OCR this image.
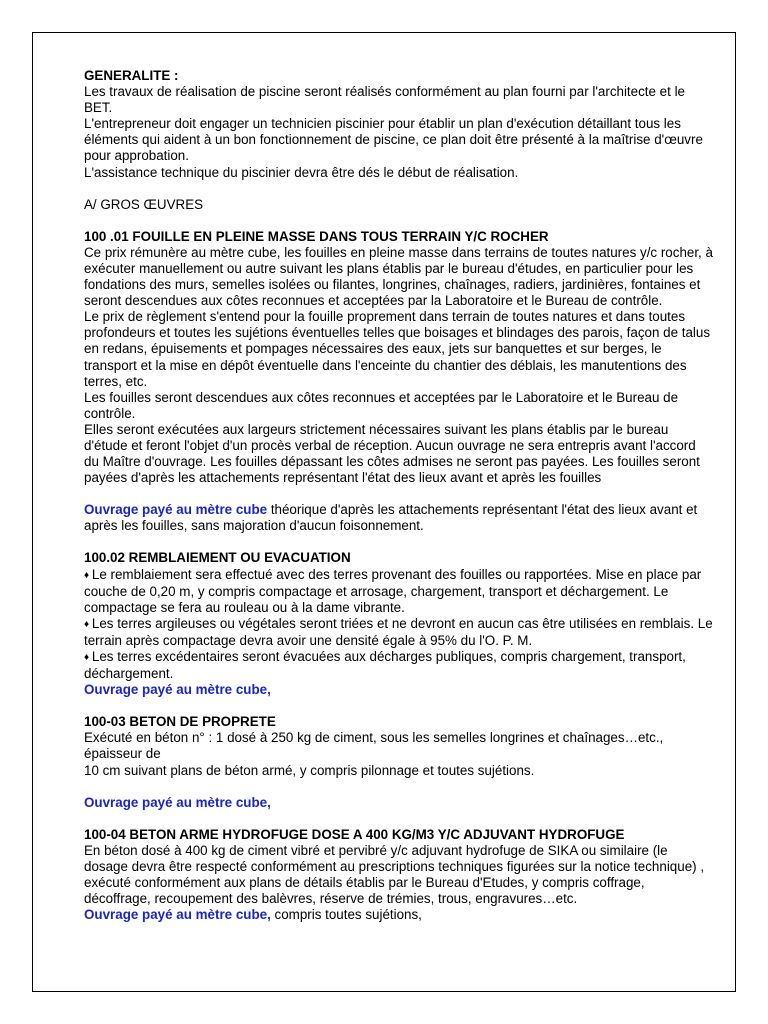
GENERALITE :

Les travaux de réalisation de piscine seront réalisés conformément au plan fourni par l'architecte et le BET.

L'entrepreneur doit engager un technicien piscinier pour établir un plan d'exécution détaillant tous les éléments qui aident à un bon fonctionnement de piscine, ce plan doit être présenté à la maîtrise d'œuvre pour approbation.

L'assistance technique du piscinier devra être dés le début de réalisation.

A/ GROS ŒUVRES

100 .01 FOUILLE EN PLEINE MASSE DANS TOUS TERRAIN Y/C ROCHER

Ce prix rémunère au mètre cube, les fouilles en pleine masse dans terrains de toutes natures y/c rocher, à exécuter manuellement ou autre suivant les plans établis par le bureau d'études, en particulier pour les fondations des murs, semelles isolées ou filantes, longrines, chaînages, radiers, jardinières, fontaines et seront descendues aux côtes reconnues et acceptées par la Laboratoire et le Bureau de contrôle.

Le prix de règlement s'entend pour la fouille proprement dans terrain de toutes natures et dans toutes profondeurs et toutes les sujétions éventuelles telles que boisages et blindages des parois, façon de talus en redans, épuisements et pompages nécessaires des eaux, jets sur banquettes et sur berges, le transport et la mise en dépôt éventuelle dans l'enceinte du chantier des déblais, les manutentions des terres, etc.

Les fouilles seront descendues aux côtes reconnues et acceptées par le Laboratoire et le Bureau de contrôle.

Elles seront exécutées aux largeurs strictement nécessaires suivant les plans établis par le bureau d'étude et feront l'objet d'un procès verbal de réception. Aucun ouvrage ne sera entrepris avant l'accord du Maître d'ouvrage. Les fouilles dépassant les côtes admises ne seront pas payées. Les fouilles seront payées d'après les attachements représentant l'état des lieux avant et après les fouilles

Ouvrage payé au mètre cube théorique d'après les attachements représentant l'état des lieux avant et après les fouilles, sans majoration d'aucun foisonnement.

100.02 REMBLAIEMENT OU EVACUATION

♦ Le remblaiement sera effectué avec des terres provenant des fouilles ou rapportées. Mise en place par couche de 0,20 m, y compris compactage et arrosage, chargement, transport et déchargement. Le compactage se fera au rouleau ou à la dame vibrante.

♦ Les terres argileuses ou végétales seront triées et ne devront en aucun cas être utilisées en remblais. Le terrain après compactage devra avoir une densité égale à 95% du l'O. P. M.

♦ Les terres excédentaires seront évacuées aux décharges publiques, compris chargement, transport, déchargement.

Ouvrage payé au mètre cube,

100-03 BETON DE PROPRETE

Exécuté en béton n° : 1 dosé à 250 kg de ciment, sous les semelles longrines et chaînages…etc., épaisseur de

10 cm suivant plans de béton armé, y compris pilonnage et toutes sujétions.

Ouvrage payé au mètre cube,

100-04 BETON ARME HYDROFUGE DOSE A 400 KG/M3 Y/C ADJUVANT HYDROFUGE

En béton dosé à 400 kg de ciment vibré et pervibré y/c adjuvant hydrofuge de SIKA ou similaire (le dosage devra être respecté conformément au prescriptions techniques figurées sur la notice technique) , exécuté conformément aux plans de détails établis par le Bureau d'Etudes, y compris coffrage, décoffrage, recoupement des balèvres, réserve de trémies, trous, engravures…etc.

Ouvrage payé au mètre cube, compris toutes sujétions,
